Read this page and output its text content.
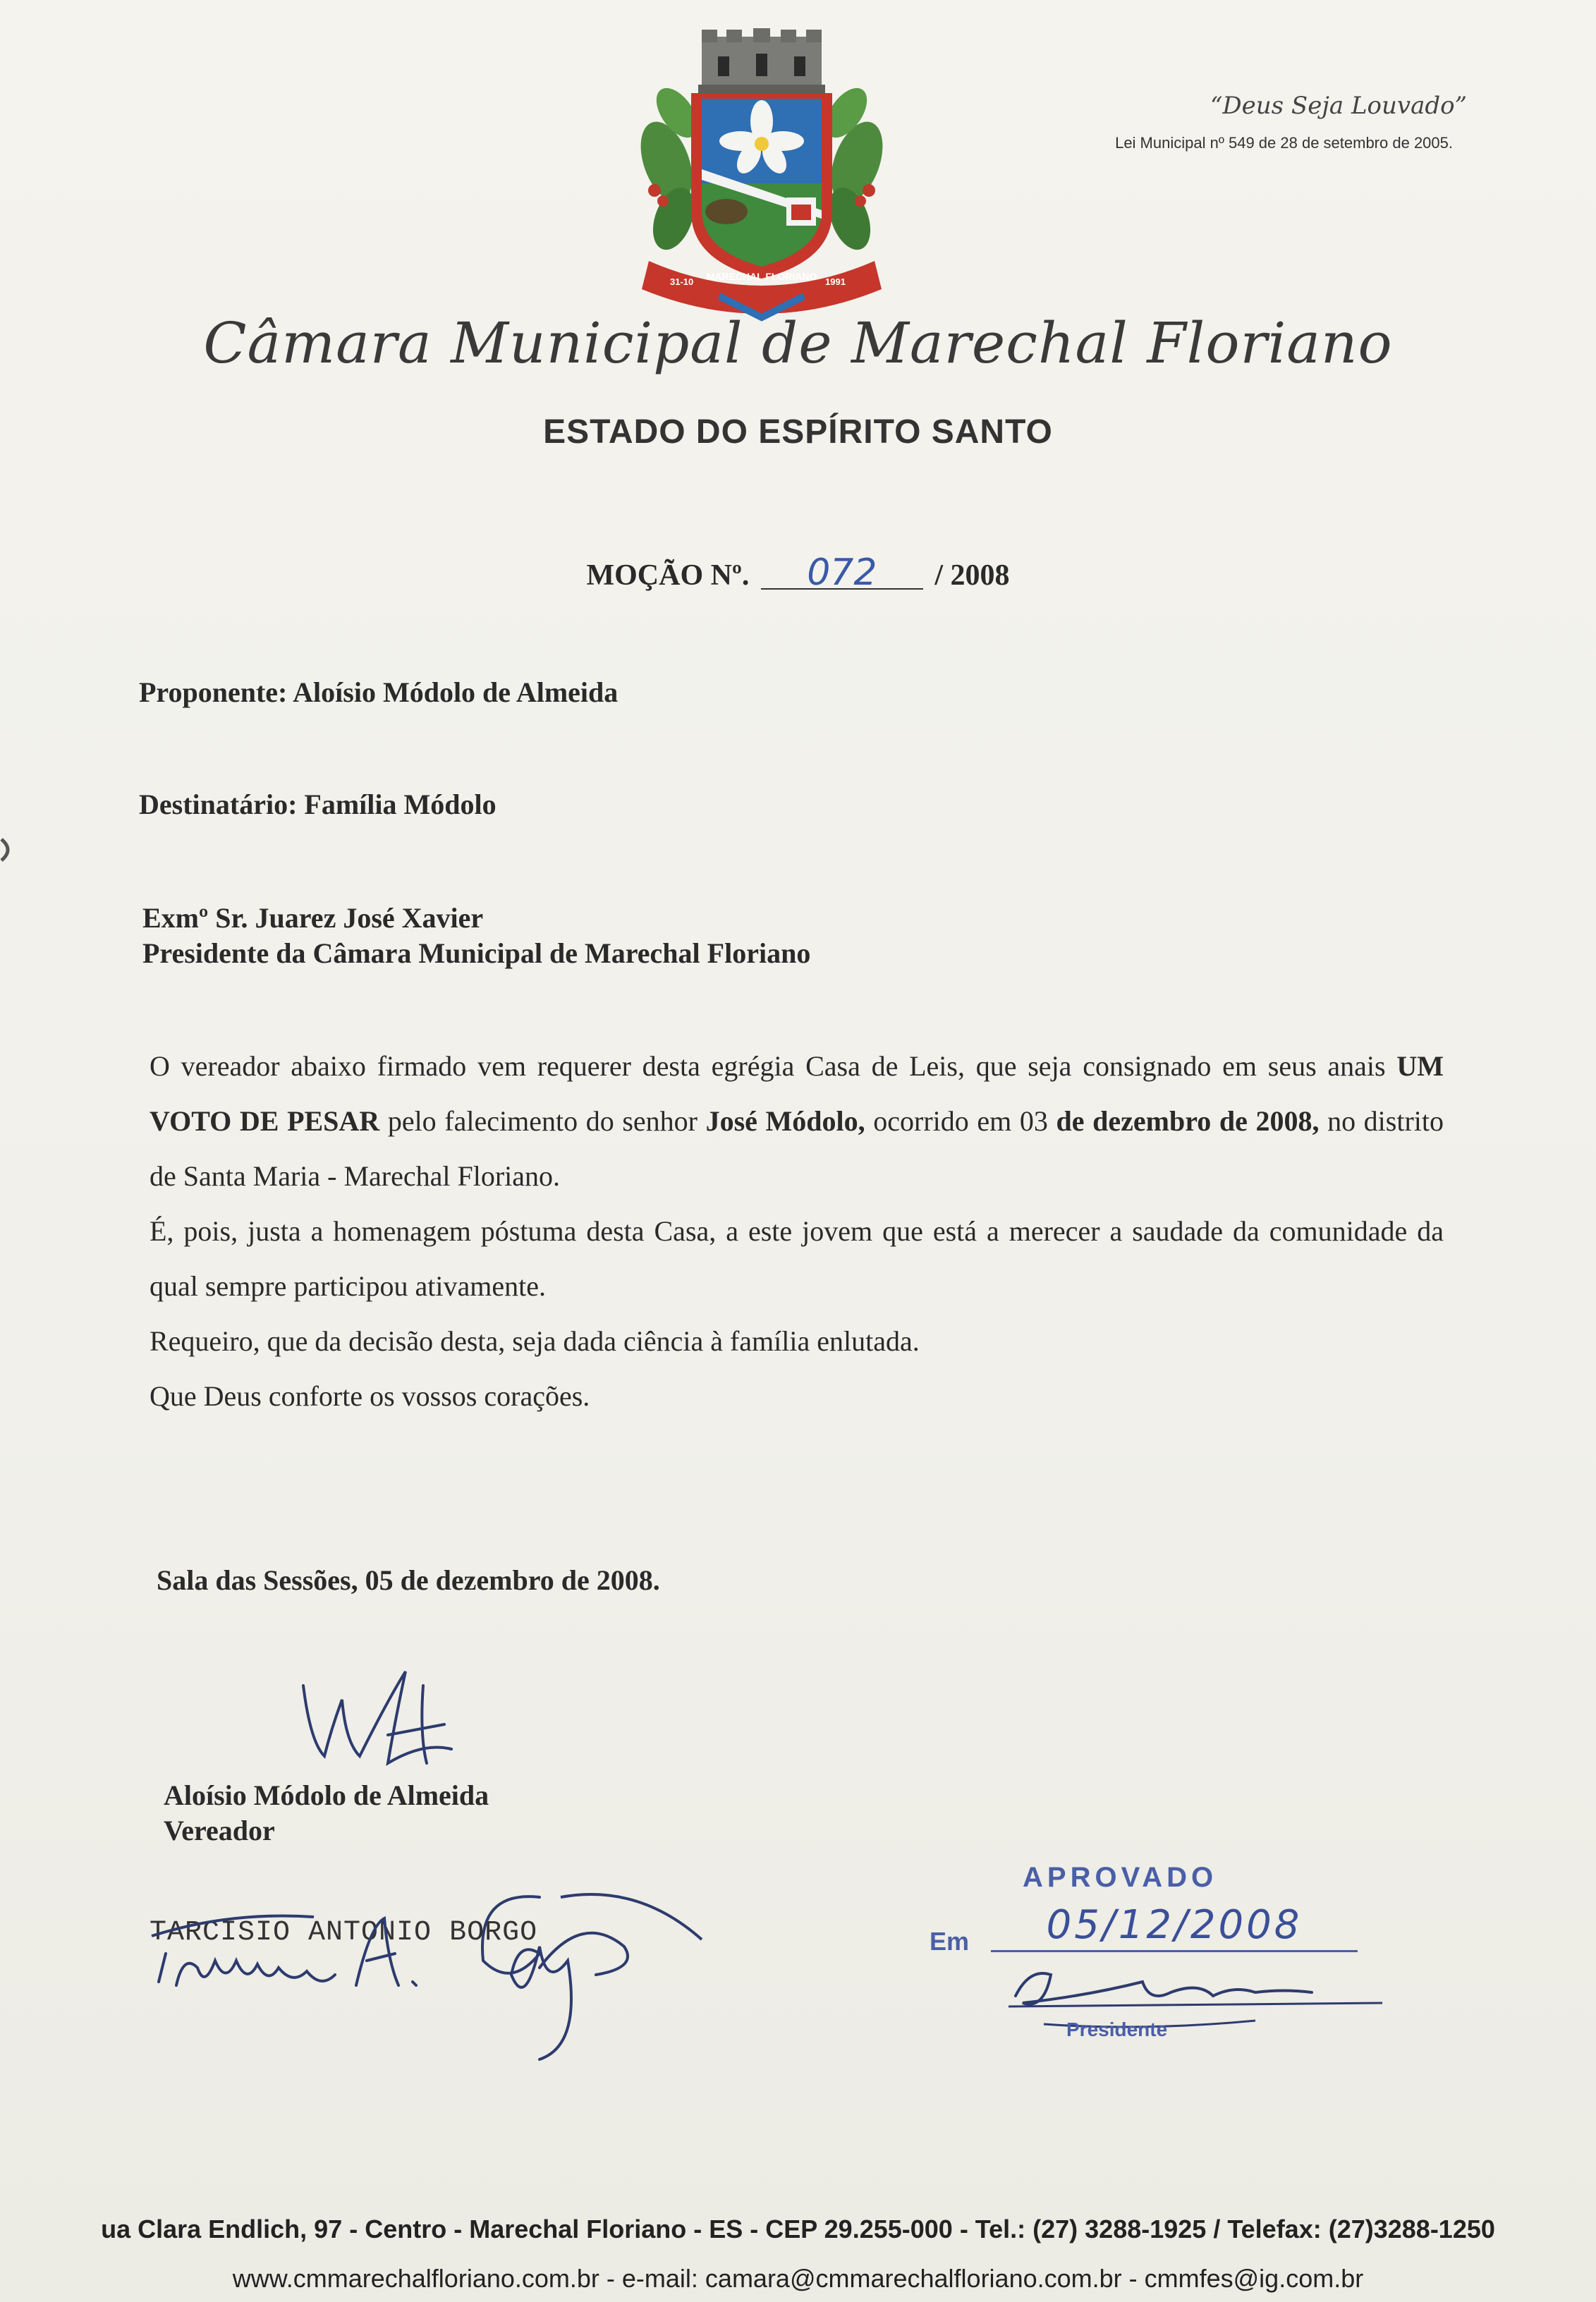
MARECHAL FLORIANO
31-10	1991
“Deus Seja Louvado”
Lei Municipal nº 549 de 28 de setembro de 2005.
Câmara Municipal de Marechal Floriano
ESTADO DO ESPÍRITO SANTO
MOÇÃO Nº. 072 / 2008
Proponente: Aloísio Módolo de Almeida
Destinatário: Família Módolo
Exmº Sr. Juarez José Xavier
Presidente da Câmara Municipal de Marechal Floriano

O vereador abaixo firmado vem requerer desta egrégia Casa de Leis, que seja consignado em seus anais UM VOTO DE PESAR pelo falecimento do senhor José Módolo, ocorrido em 03 de dezembro de 2008, no distrito de Santa Maria - Marechal Floriano.

É, pois, justa a homenagem póstuma desta Casa, a este jovem que está a merecer a saudade da comunidade da qual sempre participou ativamente.

Requeiro, que da decisão desta, seja dada ciência à família enlutada.

Que Deus conforte os vossos corações.

Sala das Sessões, 05 de dezembro de 2008.
Aloísio Módolo de Almeida
Vereador
TARCISIO ANTONIO BORGO
APROVADO
Em	05/12/2008
Presidente
ua Clara Endlich, 97 - Centro - Marechal Floriano - ES - CEP 29.255-000 - Tel.: (27) 3288-1925 / Telefax: (27)3288-1250
www.cmmarechalfloriano.com.br - e-mail: camara@cmmarechalfloriano.com.br - cmmfes@ig.com.br
